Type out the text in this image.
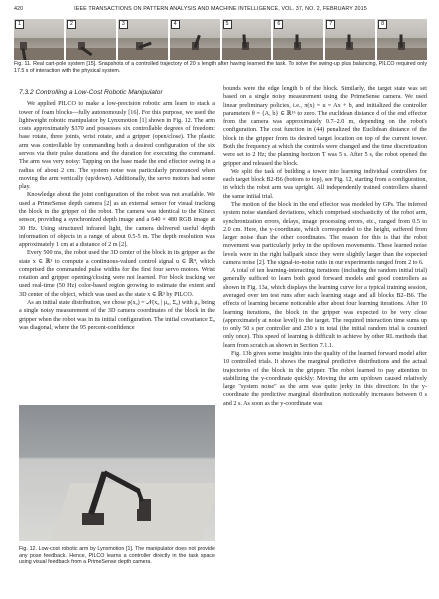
420	IEEE TRANSACTIONS ON PATTERN ANALYSIS AND MACHINE INTELLIGENCE, VOL. 37, NO. 2, FEBRUARY 2015
1	2	3	4	5	6	7	8
Fig. 11. Real cart-pole system [15]. Snapshots of a controlled trajectory of 20 s length after having learned the task. To solve the swing-up plus balancing, PILCO required only 17.5 s of interaction with the physical system.
7.3.2 Controlling a Low-Cost Robotic Manipulator

We applied PILCO to make a low-precision robotic arm learn to stack a tower of foam blocks—fully autonomously [16]. For this purpose, we used the lightweight robotic manipulator by Lynxmotion [1] shown in Fig. 12. The arm costs approximately $370 and possesses six controllable degrees of freedom: base rotate, three joints, wrist rotate, and a gripper (open/close). The plastic arm was controllable by commanding both a desired configuration of the six servos via their pulse durations and the duration for executing the command. The arm was very noisy: Tapping on the base made the end effector swing in a radius of about 2 cm. The system noise was particularly pronounced when moving the arm vertically (up/down). Additionally, the servo motors had some play.

Knowledge about the joint configuration of the robot was not available. We used a PrimeSense depth camera [2] as an external sensor for visual tracking the block in the gripper of the robot. The camera was identical to the Kinect sensor, providing a synchronized depth image and a 640 × 480 RGB image at 30 Hz. Using structured infrared light, the camera delivered useful depth information of objects in a range of about 0.5-5 m. The depth resolution was approximately 1 cm at a distance of 2 m [2].

Every 500 ms, the robot used the 3D center of the block in its gripper as the state x ∈ ℝ³ to compute a continuous-valued control signal u ∈ ℝ⁴, which comprised the commanded pulse widths for the first four servo motors. Wrist rotation and gripper opening/closing were not learned. For block tracking we used real-time (50 Hz) color-based region growing to estimate the extent and 3D center of the object, which was used as the state x ∈ ℝ³ by PILCO.

As an initial state distribution, we chose p(x₀) = 𝒩(x₀ | μ₀, Σ₀) with μ₀ being a single noisy measurement of the 3D camera coordinates of the block in the gripper when the robot was in its initial configuration. The initial covariance Σ₀ was diagonal, where the 95 percent-confidence

Fig. 12. Low-cost robotic arm by Lynxmotion [1]. The manipulator does not provide any pose feedback. Hence, PILCO learns a controller directly in the task space using visual feedback from a PrimeSense depth camera.

bounds were the edge length b of the block. Similarly, the target state was set based on a single noisy measurement using the PrimeSense camera. We used linear preliminary policies, i.e., π(x) = u = Ax + b, and initialized the controller parameters θ = {A, b} ∈ ℝ¹⁶ to zero. The euclidean distance d of the end effector from the camera was approximately 0.7–2.0 m, depending on the robot's configuration. The cost function in (44) penalized the Euclidean distance of the block in the gripper from its desired target location on top of the current tower. Both the frequency at which the controls were changed and the time discretization were set to 2 Hz; the planning horizon T was 5 s. After 5 s, the robot opened the gripper and released the block.

We split the task of building a tower into learning individual controllers for each target block B2-B6 (bottom to top), see Fig. 12, starting from a configuration, in which the robot arm was upright. All independently trained controllers shared the same initial trial.

The motion of the block in the end effector was modeled by GPs. The inferred system noise standard deviations, which comprised stochasticity of the robot arm, synchronization errors, delays, image processing errors, etc., ranged from 0.5 to 2.0 cm. Here, the y-coordinate, which corresponded to the height, suffered from larger noise than the other coordinates. The reason for this is that the robot movement was particularly jerky in the up/down movements. These learned noise levels were in the right ballpark since they were slightly larger than the expected camera noise [2]. The signal-to-noise ratio in our experiments ranged from 2 to 6.

A total of ten learning-interacting iterations (including the random initial trial) generally sufficed to learn both good forward models and good controllers as shown in Fig. 13a, which displays the learning curve for a typical training session, averaged over ten test runs after each learning stage and all blocks B2–B6. The effects of learning became noticeable after about four learning iterations. After 10 learning iterations, the block in the gripper was expected to be very close (approximately at noise level) to the target. The required interaction time sums up to only 50 s per controller and 230 s in total (the initial random trial is counted only once). This speed of learning is difficult to achieve by other RL methods that learn from scratch as shown in Section 7.1.1.

Fig. 13b gives some insights into the quality of the learned forward model after 10 controlled trials. It shows the marginal predictive distributions and the actual trajectories of the block in the gripper. The robot learned to pay attention to stabilizing the y-coordinate quickly: Moving the arm up/down caused relatively large "system noise" as the arm was quite jerky in this direction: In the y-coordinate the predictive marginal distribution noticeably increases between 0 s and 2 s. As soon as the y-coordinate was
